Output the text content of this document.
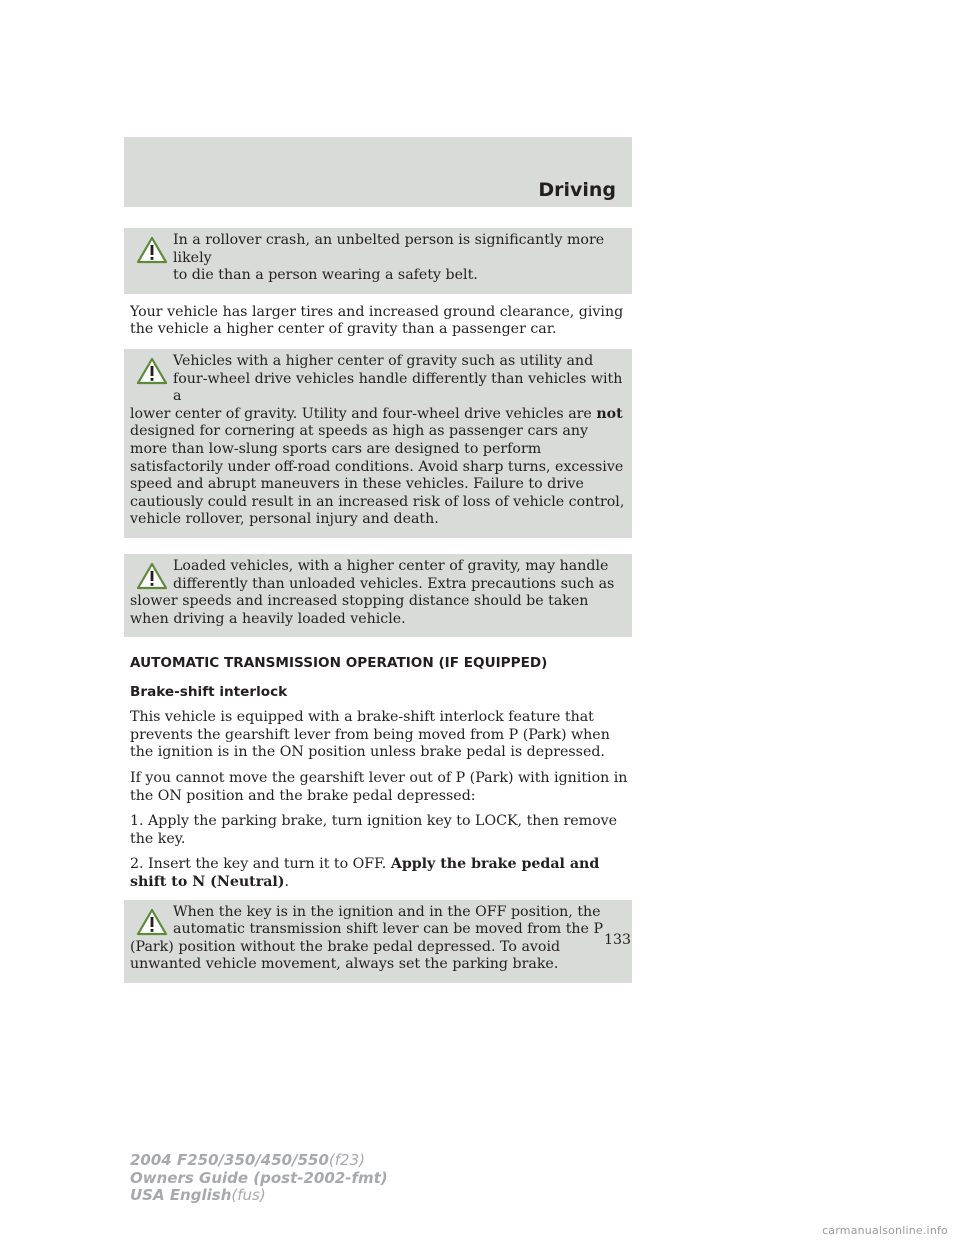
Driving

In a rollover crash, an unbelted person is significantly more likely

to die than a person wearing a safety belt.

Your vehicle has larger tires and increased ground clearance, giving the vehicle a higher center of gravity than a passenger car.

Vehicles with a higher center of gravity such as utility and

four-wheel drive vehicles handle differently than vehicles with a

lower center of gravity. Utility and four-wheel drive vehicles are not designed for cornering at speeds as high as passenger cars any more than low-slung sports cars are designed to perform satisfactorily under off-road conditions. Avoid sharp turns, excessive speed and abrupt maneuvers in these vehicles. Failure to drive cautiously could result in an increased risk of loss of vehicle control, vehicle rollover, personal injury and death.

Loaded vehicles, with a higher center of gravity, may handle

differently than unloaded vehicles. Extra precautions such as

slower speeds and increased stopping distance should be taken when driving a heavily loaded vehicle.

AUTOMATIC TRANSMISSION OPERATION (IF EQUIPPED)
Brake-shift interlock

This vehicle is equipped with a brake-shift interlock feature that prevents the gearshift lever from being moved from P (Park) when the ignition is in the ON position unless brake pedal is depressed.

If you cannot move the gearshift lever out of P (Park) with ignition in the ON position and the brake pedal depressed:

1. Apply the parking brake, turn ignition key to LOCK, then remove the key.

2. Insert the key and turn it to OFF. Apply the brake pedal and shift to N (Neutral).

When the key is in the ignition and in the OFF position, the

automatic transmission shift lever can be moved from the P

(Park) position without the brake pedal depressed. To avoid unwanted vehicle movement, always set the parking brake.

133
2004 F250/350/450/550(f23)
Owners Guide (post-2002-fmt)
USA English(fus)
carmanualsonline.info
